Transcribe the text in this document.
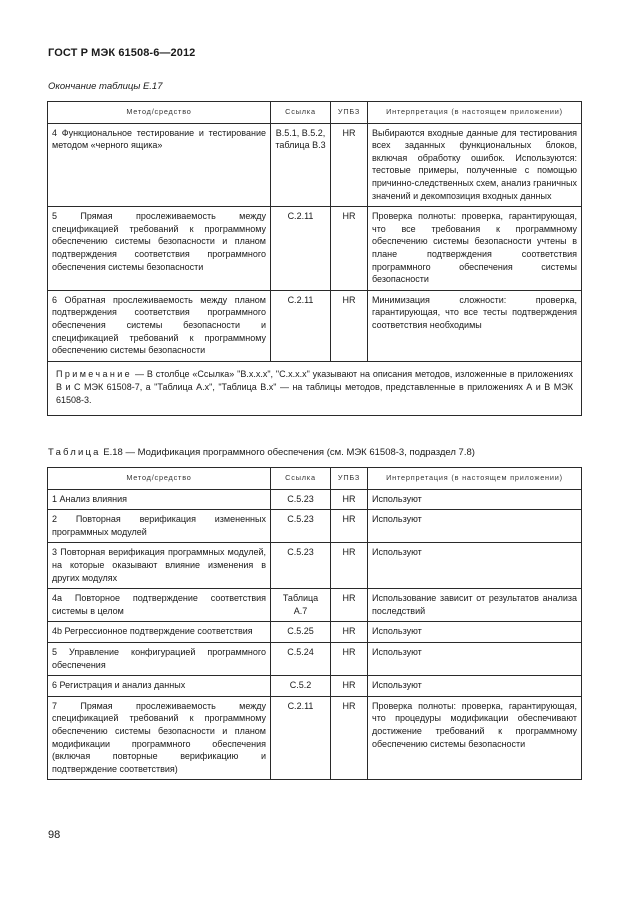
ГОСТ Р МЭК 61508-6—2012
Окончание таблицы Е.17
Метод/средство	Ссылка	УПБЗ	Интерпретация (в настоящем приложении)
4 Функциональное тестирование и тестирование методом «черного ящика»	В.5.1, В.5.2, таблица В.3	HR	Выбираются входные данные для тестирования всех заданных функциональных блоков, включая обработку ошибок. Используются: тестовые примеры, полученные с помощью причинно-следственных схем, анализ граничных значений и декомпозиция входных данных
5 Прямая прослеживаемость между спецификацией требований к программному обеспечению системы безопасности и планом подтверждения соответствия программного обеспечения системы безопасности	С.2.11	HR	Проверка полноты: проверка, гарантирующая, что все требования к программному обеспечению системы безопасности учтены в плане подтверждения соответствия программного обеспечения системы безопасности
6 Обратная прослеживаемость между планом подтверждения соответствия программного обеспечения системы безопасности и спецификацией требований к программному обеспечению системы безопасности	С.2.11	HR	Минимизация сложности: проверка, гарантирующая, что все тесты подтверждения соответствия необходимы
Примечание — В столбце «Ссылка» "В.х.х.х", "С.х.х.х" указывают на описания методов, изложенные в приложениях В и С МЭК 61508-7, а "Таблица А.х", "Таблица В.х" — на таблицы методов, представленные в приложениях А и В МЭК 61508-3.			
Таблица Е.18 — Модификация программного обеспечения (см. МЭК 61508-3, подраздел 7.8)
Метод/средство	Ссылка	УПБЗ	Интерпретация (в настоящем приложении)
1 Анализ влияния	С.5.23	HR	Используют
2 Повторная верификация измененных программных модулей	С.5.23	HR	Используют
3 Повторная верификация программных модулей, на которые оказывают влияние изменения в других модулях	С.5.23	HR	Используют
4а Повторное подтверждение соответствия системы в целом	Таблица А.7	HR	Использование зависит от результатов анализа последствий
4b Регрессионное подтверждение соответствия	С.5.25	HR	Используют
5 Управление конфигурацией программного обеспечения	С.5.24	HR	Используют
6 Регистрация и анализ данных	С.5.2	HR	Используют
7 Прямая прослеживаемость между спецификацией требований к программному обеспечению системы безопасности и планом модификации программного обеспечения (включая повторные верификацию и подтверждение соответствия)	С.2.11	HR	Проверка полноты: проверка, гарантирующая, что процедуры модификации обеспечивают достижение требований к программному обеспечению системы безопасности
98
